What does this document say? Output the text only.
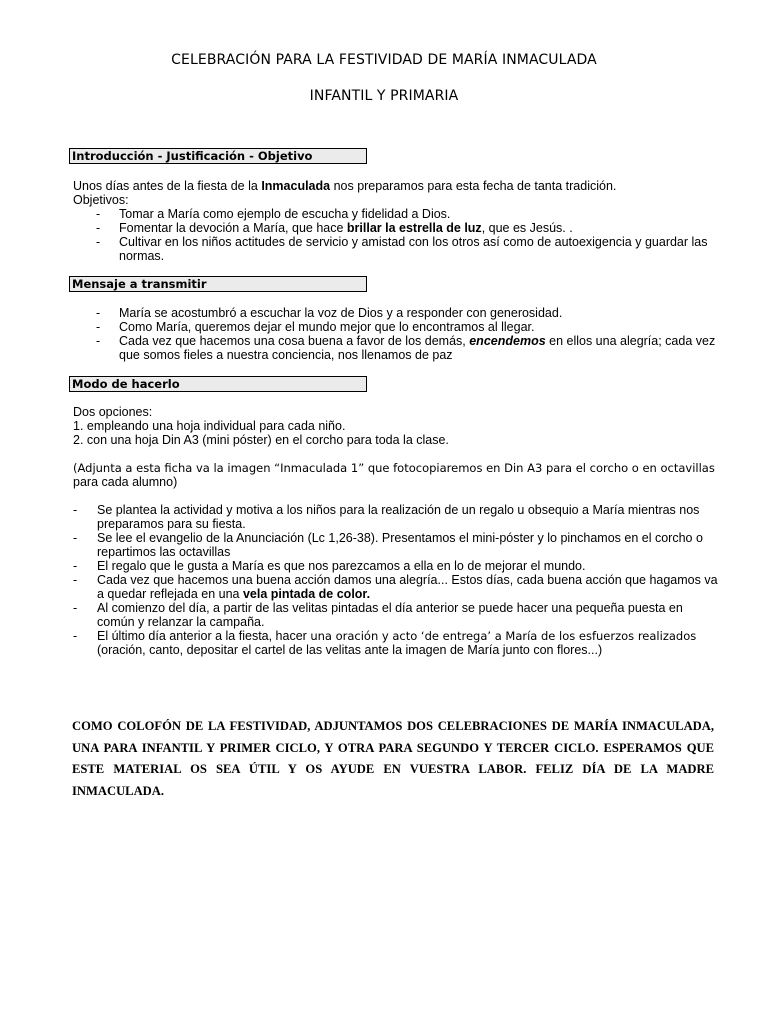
CELEBRACIÓN PARA LA FESTIVIDAD DE MARÍA INMACULADA
INFANTIL Y PRIMARIA
Introducción - Justificación - Objetivo

Unos días antes de la fiesta de la Inmaculada nos preparamos para esta fecha de tanta tradición.

Objetivos:

- Tomar a María como ejemplo de escucha y fidelidad a Dios.
- Fomentar la devoción a María, que hace brillar la estrella de luz, que es Jesús. .
- Cultivar en los niños actitudes de servicio y amistad con los otros así como de autoexigencia y guardar las normas.
Mensaje a transmitir
- María se acostumbró a escuchar la voz de Dios y a responder con generosidad.
- Como María, queremos dejar el mundo mejor que lo encontramos al llegar.
- Cada vez que hacemos una cosa buena a favor de los demás, encendemos en ellos una alegría; cada vez que somos fieles a nuestra conciencia, nos llenamos de paz
Modo de hacerlo

Dos opciones:

1. empleando una hoja individual para cada niño.

2. con una hoja Din A3 (mini póster) en el corcho para toda la clase.

(Adjunta a esta ficha va la imagen “Inmaculada 1” que fotocopiaremos en Din A3 para el corcho o en octavillas
para cada alumno)

- Se plantea la actividad y motiva a los niños para la realización de un regalo u obsequio a María mientras nos preparamos para su fiesta.
- Se lee el evangelio de la Anunciación (Lc 1,26-38). Presentamos el mini-póster y lo pinchamos en el corcho o repartimos las octavillas
- El regalo que le gusta a María es que nos parezcamos a ella en lo de mejorar el mundo.
- Cada vez que hacemos una buena acción damos una alegría... Estos días, cada buena acción que hagamos va a quedar reflejada en una vela pintada de color.
- Al comienzo del día, a partir de las velitas pintadas el día anterior se puede hacer una pequeña puesta en común y relanzar la campaña.
- El último día anterior a la fiesta, hacer una oración y acto ‘de entrega’ a María de los esfuerzos realizados
(oración, canto, depositar el cartel de las velitas ante la imagen de María junto con flores...)
COMO COLOFÓN DE LA FESTIVIDAD, ADJUNTAMOS DOS CELEBRACIONES DE MARÍA INMACULADA, UNA PARA INFANTIL Y PRIMER CICLO, Y OTRA PARA SEGUNDO Y TERCER CICLO. ESPERAMOS QUE ESTE MATERIAL OS SEA ÚTIL Y OS AYUDE EN VUESTRA LABOR. FELIZ DÍA DE LA MADRE INMACULADA.
